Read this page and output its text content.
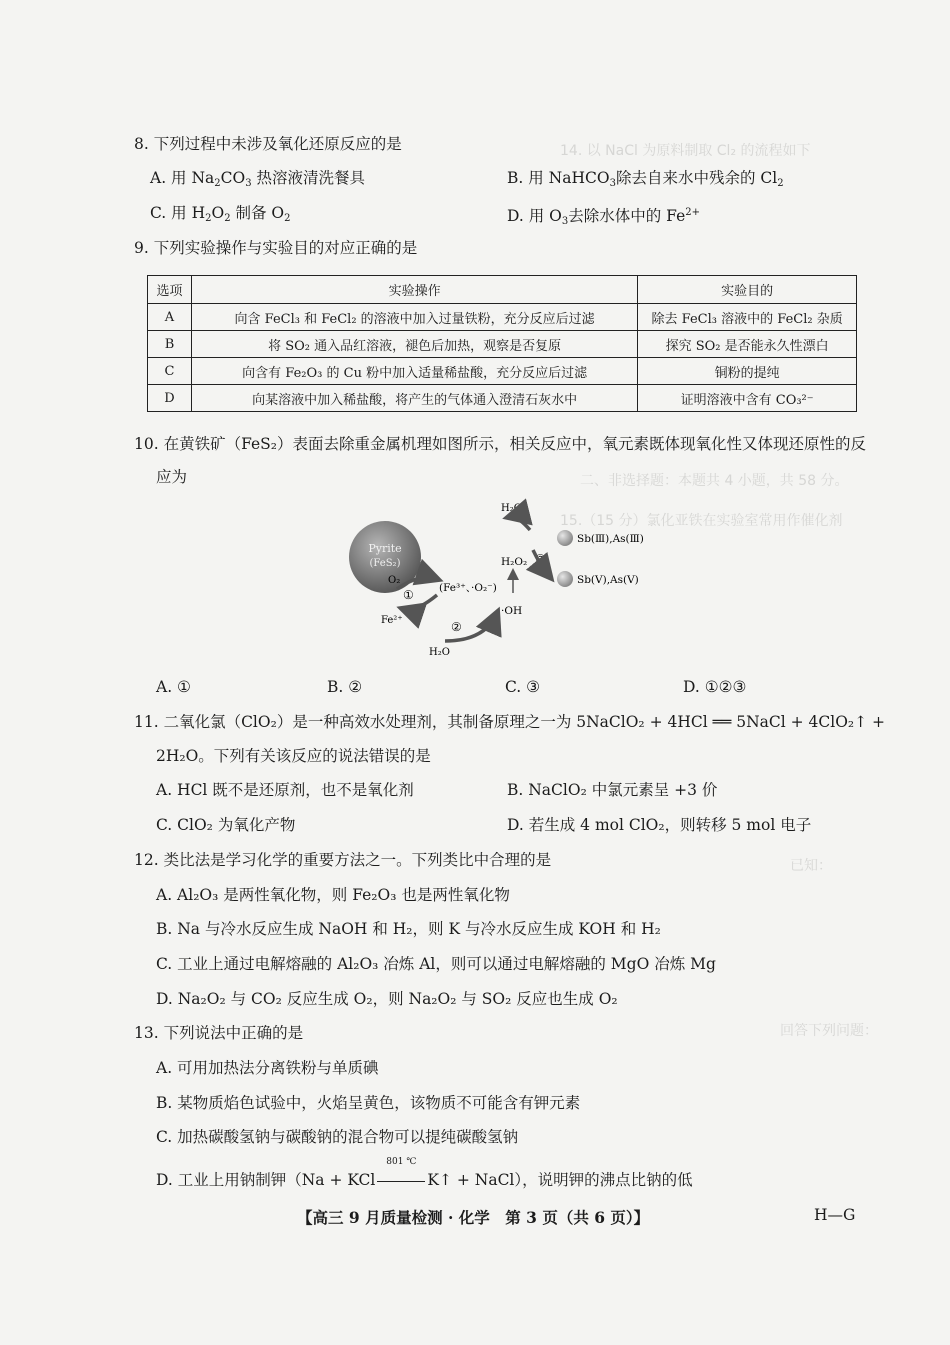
14. 以 NaCl 为原料制取 Cl₂ 的流程如下
二、非选择题：本题共 4 小题，共 58 分。
15.（15 分）氯化亚铁在实验室常用作催化剂
已知：
回答下列问题：
8. 下列过程中未涉及氧化还原反应的是
A. 用 $Na_2CO_3$ 热溶液清洗餐具	B. 用 NaHCO$_3$除去自来水中残余的 $Cl_2$
C. 用 $H_2O_2$ 制备 $O_2$	D. 用 $O_3$去除水体中的 $Fe^{2+}$
9. 下列实验操作与实验目的对应正确的是
选项	实验操作	实验目的
A	向含 FeCl₃ 和 FeCl₂ 的溶液中加入过量铁粉，充分反应后过滤	除去 FeCl₃ 溶液中的 FeCl₂ 杂质
B	将 SO₂ 通入品红溶液，褪色后加热，观察是否复原	探究 SO₂ 是否能永久性漂白
C	向含有 Fe₂O₃ 的 Cu 粉中加入适量稀盐酸，充分反应后过滤	铜粉的提纯
D	向某溶液中加入稀盐酸，将产生的气体通入澄清石灰水中	证明溶液中含有 CO₃²⁻
10. 在黄铁矿（FeS₂）表面去除重金属机理如图所示，相关反应中，氧元素既体现氧化性又体现还原性的反
应为
Pyrite
(FeS₂)
O₂
①
Fe²⁺
(Fe³⁺、·O₂⁻)
②
H₂O
·OH
H₂O₂ ③
H₂O
Sb(Ⅲ),As(Ⅲ)
Sb(Ⅴ),As(Ⅴ)
A. ①	B. ②	C. ③	D. ①②③
11. 二氧化氯（ClO₂）是一种高效水处理剂，其制备原理之一为 5NaClO₂ + 4HCl ══ 5NaCl + 4ClO₂↑ +
2H₂O。下列有关该反应的说法错误的是
A. HCl 既不是还原剂，也不是氧化剂	B. NaClO₂ 中氯元素呈 +3 价
C. ClO₂ 为氧化产物	D. 若生成 4 mol ClO₂，则转移 5 mol 电子
12. 类比法是学习化学的重要方法之一。下列类比中合理的是
A. Al₂O₃ 是两性氧化物，则 Fe₂O₃ 也是两性氧化物
B. Na 与冷水反应生成 NaOH 和 H₂，则 K 与冷水反应生成 KOH 和 H₂
C. 工业上通过电解熔融的 Al₂O₃ 冶炼 Al，则可以通过电解熔融的 MgO 冶炼 Mg
D. Na₂O₂ 与 CO₂ 反应生成 O₂，则 Na₂O₂ 与 SO₂ 反应也生成 O₂
13. 下列说法中正确的是
A. 可用加热法分离铁粉与单质碘
B. 某物质焰色试验中，火焰呈黄色，该物质不可能含有钾元素
C. 加热碳酸氢钠与碳酸钠的混合物可以提纯碳酸氢钠
D. 工业上用钠制钾（Na + KCl
801 ℃
K↑ + NaCl），说明钾的沸点比钠的低
【高三 9 月质量检测 · 化学　第 3 页（共 6 页）】	H—G
